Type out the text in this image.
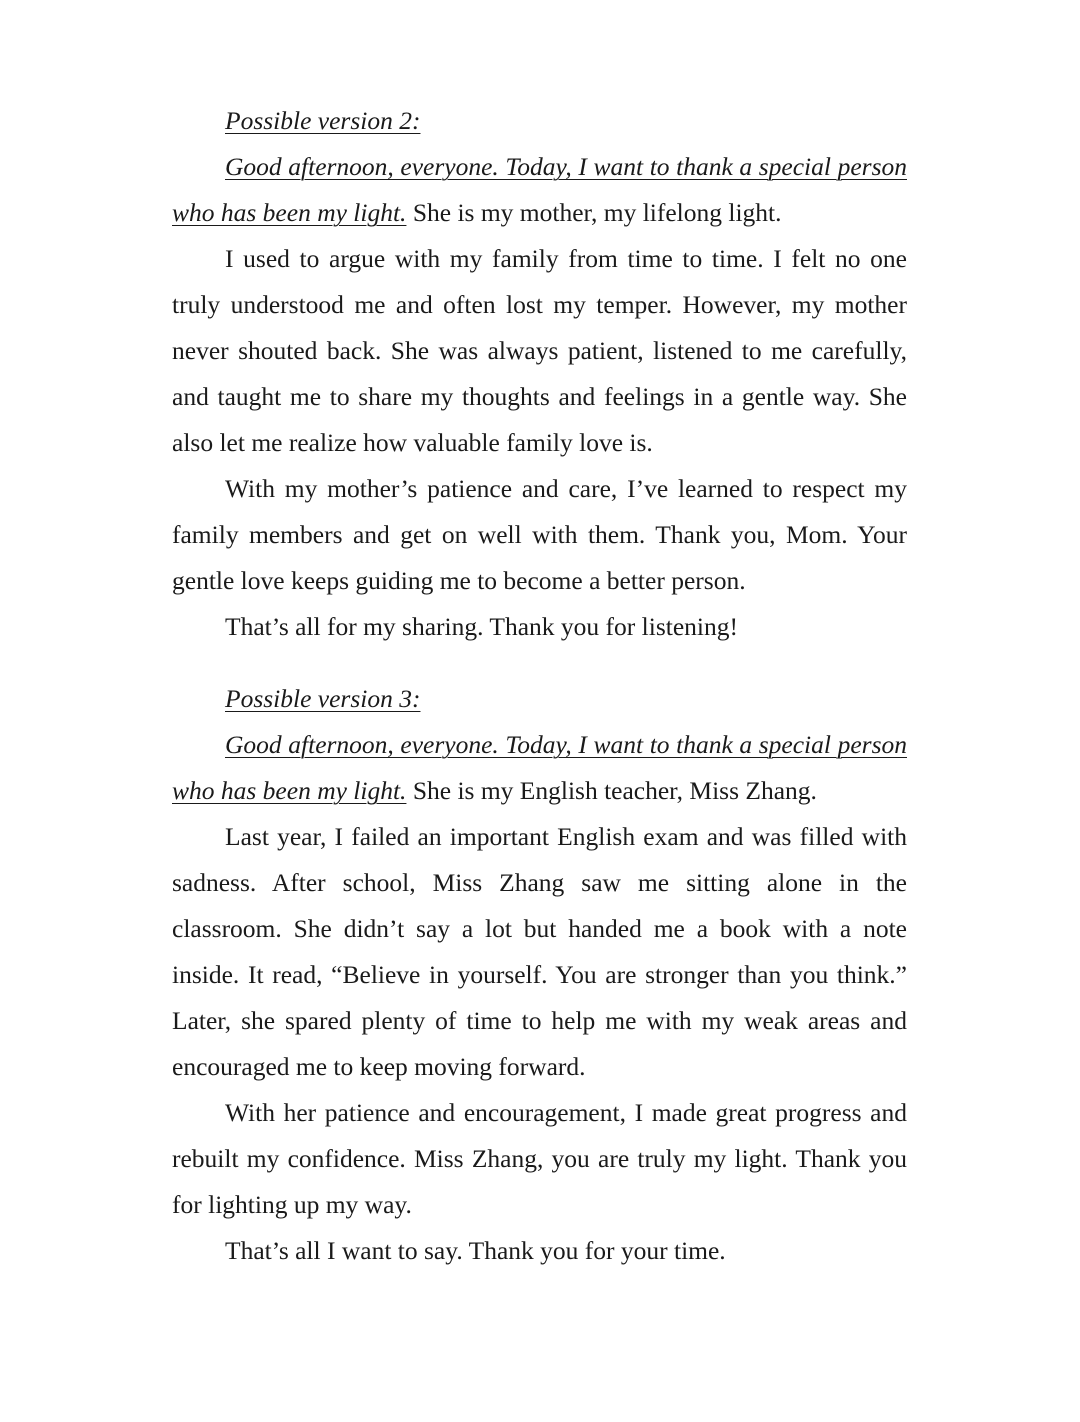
Possible version 2:

Good afternoon, everyone. Today, I want to thank a special person who has been my light. She is my mother, my lifelong light.

I used to argue with my family from time to time. I felt no one truly understood me and often lost my temper. However, my mother never shouted back. She was always patient, listened to me carefully, and taught me to share my thoughts and feelings in a gentle way. She also let me realize how valuable family love is.

With my mother’s patience and care, I’ve learned to respect my family members and get on well with them. Thank you, Mom. Your gentle love keeps guiding me to become a better person.

That’s all for my sharing. Thank you for listening!

Possible version 3:

Good afternoon, everyone. Today, I want to thank a special person who has been my light. She is my English teacher, Miss Zhang.

Last year, I failed an important English exam and was filled with sadness. After school, Miss Zhang saw me sitting alone in the classroom. She didn’t say a lot but handed me a book with a note inside. It read, “Believe in yourself. You are stronger than you think.” Later, she spared plenty of time to help me with my weak areas and encouraged me to keep moving forward.

With her patience and encouragement, I made great progress and rebuilt my confidence. Miss Zhang, you are truly my light. Thank you for lighting up my way.

That’s all I want to say. Thank you for your time.
